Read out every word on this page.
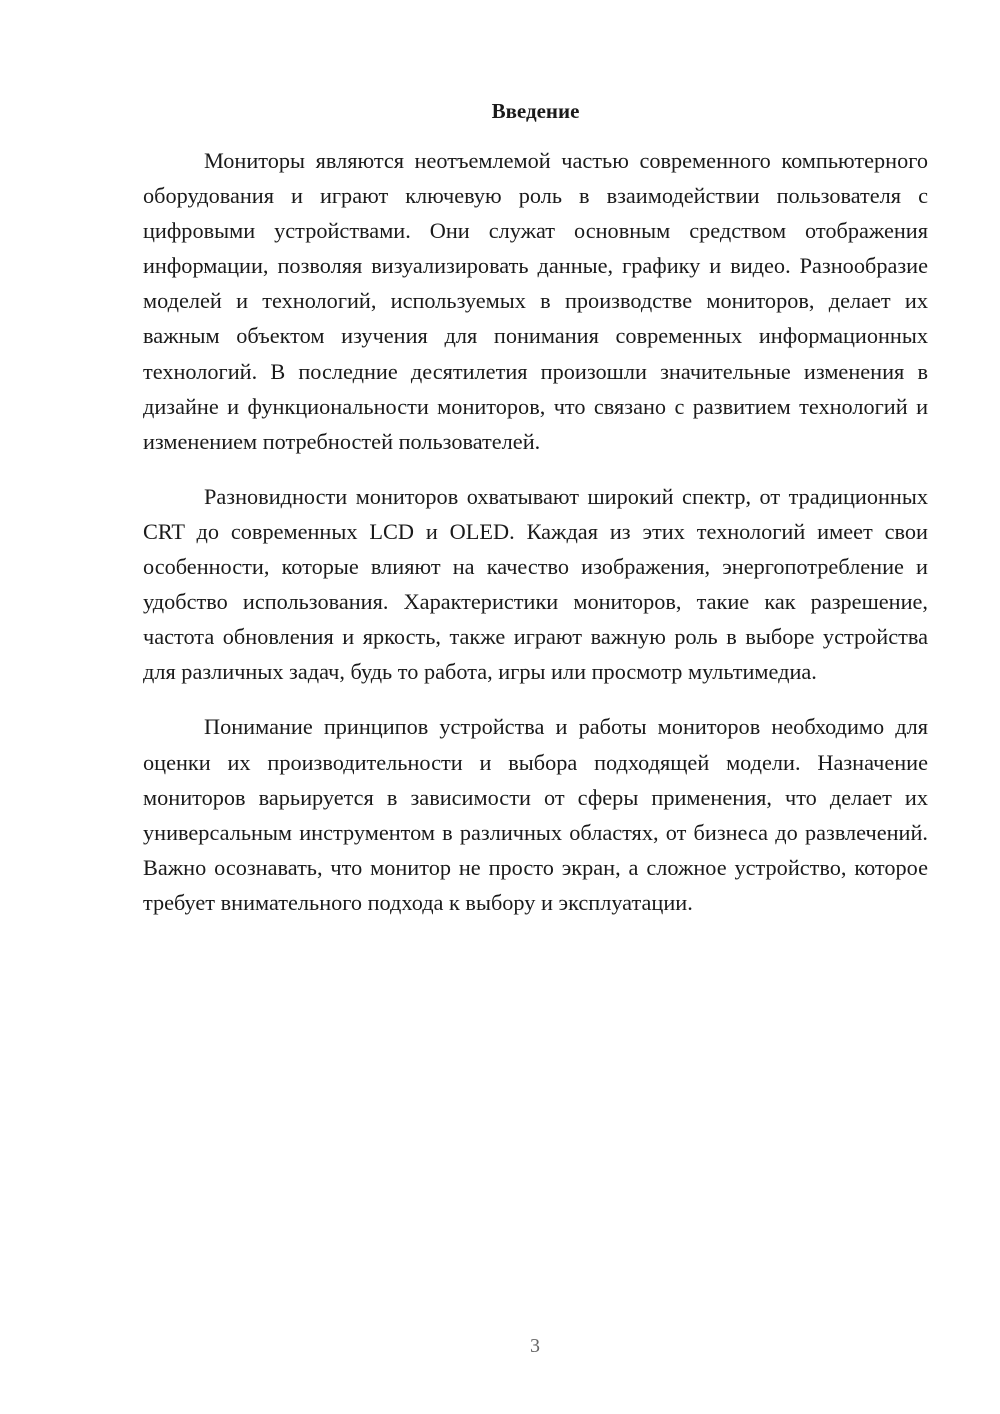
Введение

Мониторы являются неотъемлемой частью современного компьютерного оборудования и играют ключевую роль в взаимодействии пользователя с цифровыми устройствами. Они служат основным средством отображения информации, позволяя визуализировать данные, графику и видео. Разнообразие моделей и технологий, используемых в производстве мониторов, делает их важным объектом изучения для понимания современных информационных технологий. В последние десятилетия произошли значительные изменения в дизайне и функциональности мониторов, что связано с развитием технологий и изменением потребностей пользователей.

Разновидности мониторов охватывают широкий спектр, от традиционных CRT до современных LCD и OLED. Каждая из этих технологий имеет свои особенности, которые влияют на качество изображения, энергопотребление и удобство использования. Характеристики мониторов, такие как разрешение, частота обновления и яркость, также играют важную роль в выборе устройства для различных задач, будь то работа, игры или просмотр мультимедиа.

Понимание принципов устройства и работы мониторов необходимо для оценки их производительности и выбора подходящей модели. Назначение мониторов варьируется в зависимости от сферы применения, что делает их универсальным инструментом в различных областях, от бизнеса до развлечений. Важно осознавать, что монитор не просто экран, а сложное устройство, которое требует внимательного подхода к выбору и эксплуатации.

3
